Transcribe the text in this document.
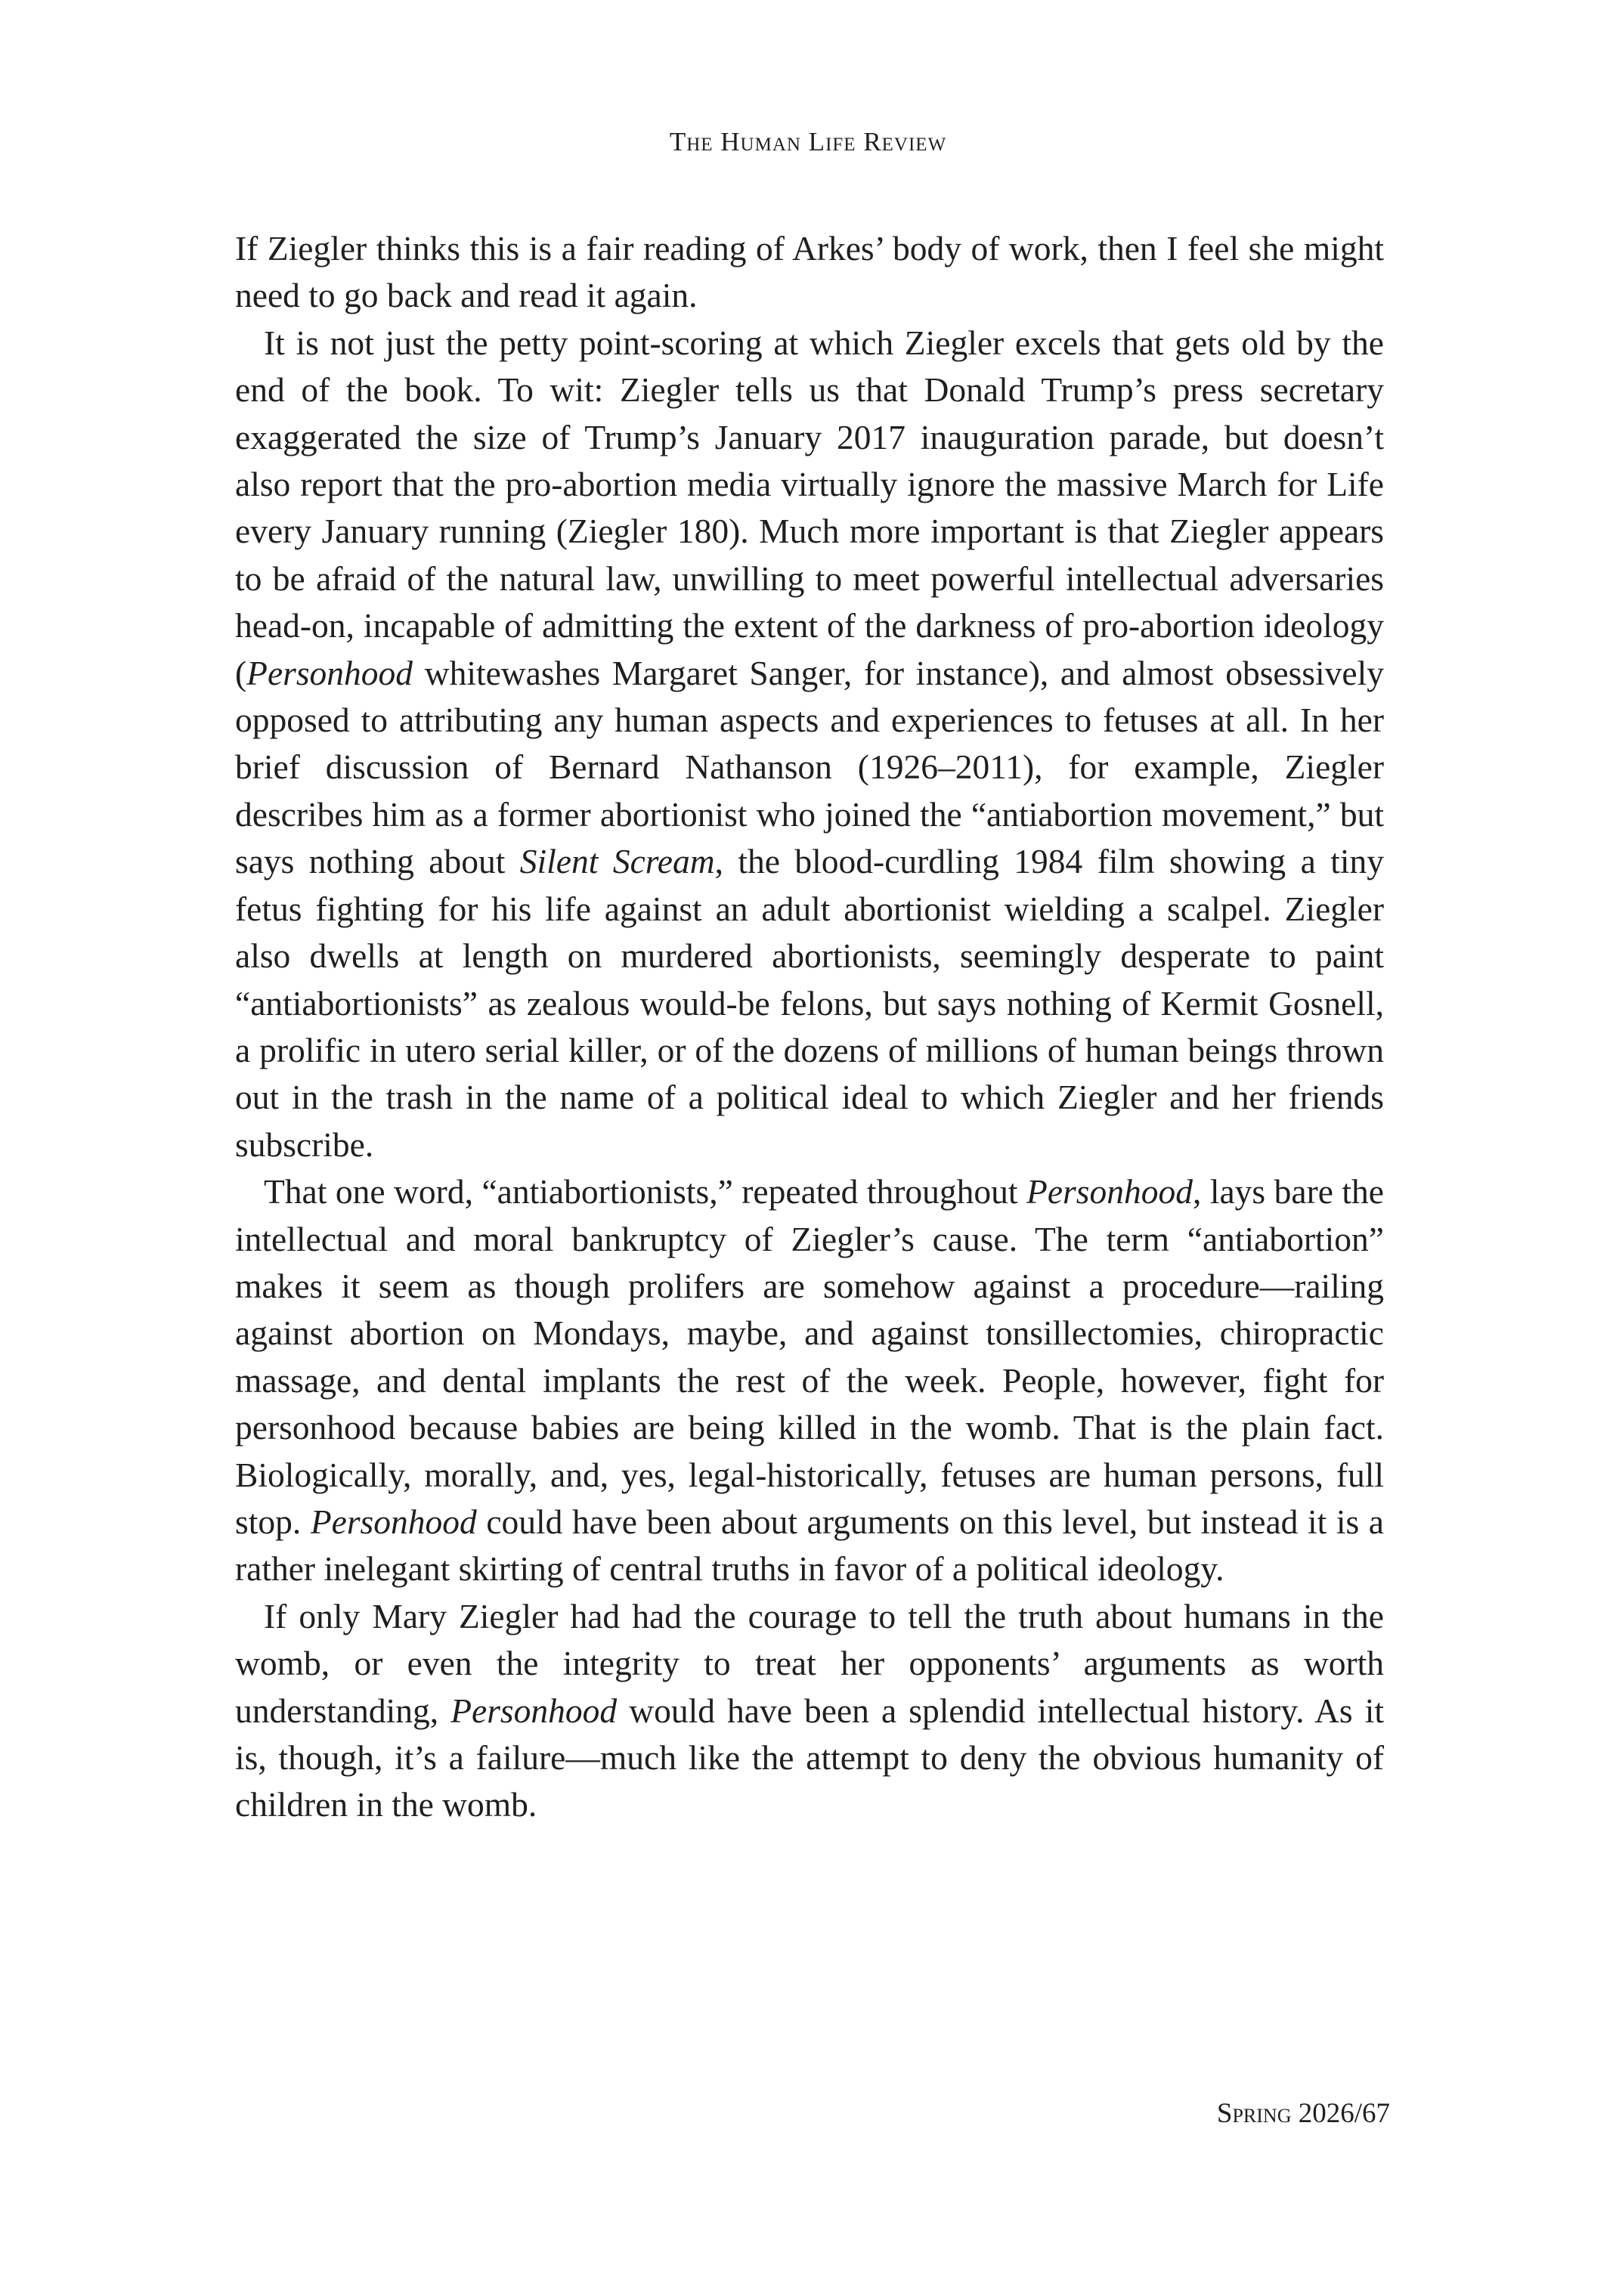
The Human Life Review

If Ziegler thinks this is a fair reading of Arkes’ body of work, then I feel she might need to go back and read it again.

It is not just the petty point-scoring at which Ziegler excels that gets old by the end of the book. To wit: Ziegler tells us that Donald Trump’s press secretary exaggerated the size of Trump’s January 2017 inauguration parade, but doesn’t also report that the pro-abortion media virtually ignore the massive March for Life every January running (Ziegler 180). Much more important is that Ziegler appears to be afraid of the natural law, unwilling to meet powerful intellectual adversaries head-on, incapable of admitting the extent of the darkness of pro-abortion ideology (Personhood whitewashes Margaret Sanger, for instance), and almost obsessively opposed to attributing any human aspects and experiences to fetuses at all. In her brief discussion of Bernard Nathanson (1926–2011), for example, Ziegler describes him as a former abortionist who joined the “antiabortion movement,” but says nothing about Silent Scream, the blood-curdling 1984 film showing a tiny fetus fighting for his life against an adult abortionist wielding a scalpel. Ziegler also dwells at length on murdered abortionists, seemingly desperate to paint “antiabortionists” as zealous would-be felons, but says nothing of Kermit Gosnell, a prolific in utero serial killer, or of the dozens of millions of human beings thrown out in the trash in the name of a political ideal to which Ziegler and her friends subscribe.

That one word, “antiabortionists,” repeated throughout Personhood, lays bare the intellectual and moral bankruptcy of Ziegler’s cause. The term “antiabortion” makes it seem as though prolifers are somehow against a procedure—railing against abortion on Mondays, maybe, and against tonsillectomies, chiropractic massage, and dental implants the rest of the week. People, however, fight for personhood because babies are being killed in the womb. That is the plain fact. Biologically, morally, and, yes, legal-historically, fetuses are human persons, full stop. Personhood could have been about arguments on this level, but instead it is a rather inelegant skirting of central truths in favor of a political ideology.

If only Mary Ziegler had had the courage to tell the truth about humans in the womb, or even the integrity to treat her opponents’ arguments as worth understanding, Personhood would have been a splendid intellectual history. As it is, though, it’s a failure—much like the attempt to deny the obvious humanity of children in the womb.

Spring 2026/67
